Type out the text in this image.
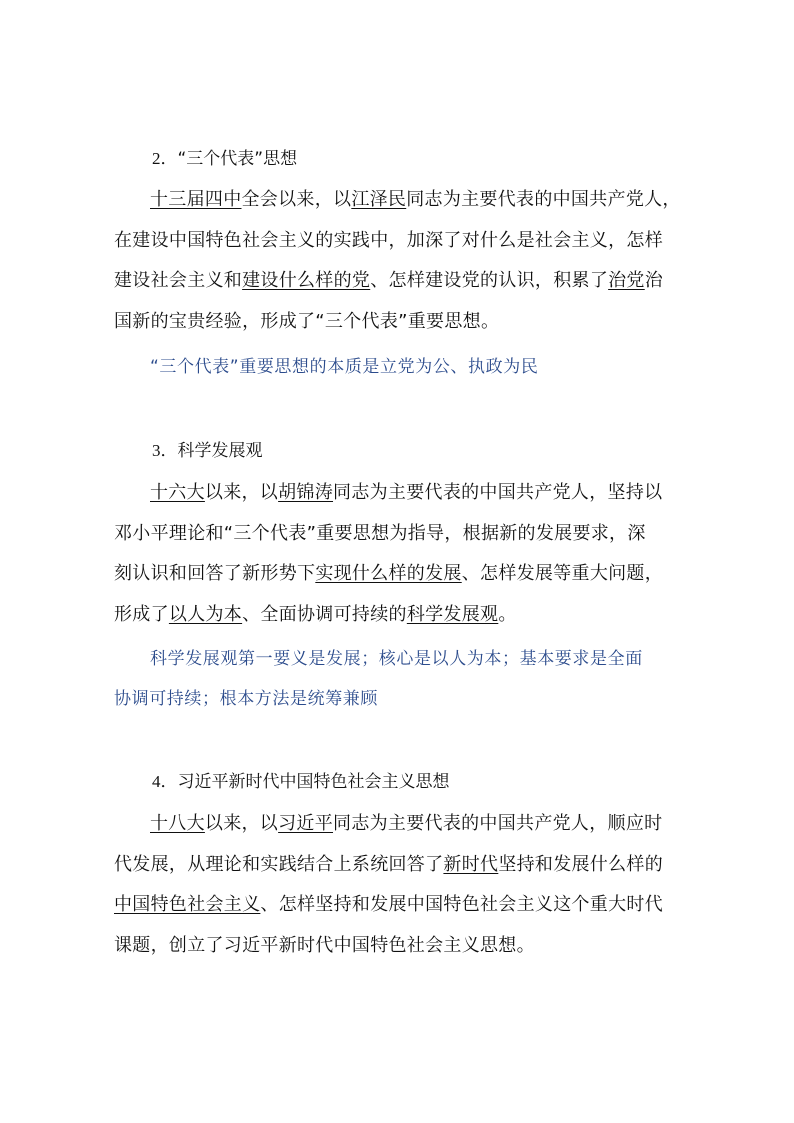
2．“三个代表”思想
十三届四中全会以来，以江泽民同志为主要代表的中国共产党人，
在建设中国特色社会主义的实践中，加深了对什么是社会主义，怎样
建设社会主义和建设什么样的党、怎样建设党的认识，积累了治党治
国新的宝贵经验，形成了“三个代表”重要思想。
“三个代表”重要思想的本质是立党为公、执政为民
3．科学发展观
十六大以来，以胡锦涛同志为主要代表的中国共产党人，坚持以
邓小平理论和“三个代表”重要思想为指导，根据新的发展要求，深
刻认识和回答了新形势下实现什么样的发展、怎样发展等重大问题，
形成了以人为本、全面协调可持续的科学发展观。
科学发展观第一要义是发展；核心是以人为本；基本要求是全面
协调可持续；根本方法是统筹兼顾
4．习近平新时代中国特色社会主义思想
十八大以来，以习近平同志为主要代表的中国共产党人，顺应时
代发展，从理论和实践结合上系统回答了新时代坚持和发展什么样的
中国特色社会主义、怎样坚持和发展中国特色社会主义这个重大时代
课题，创立了习近平新时代中国特色社会主义思想。
